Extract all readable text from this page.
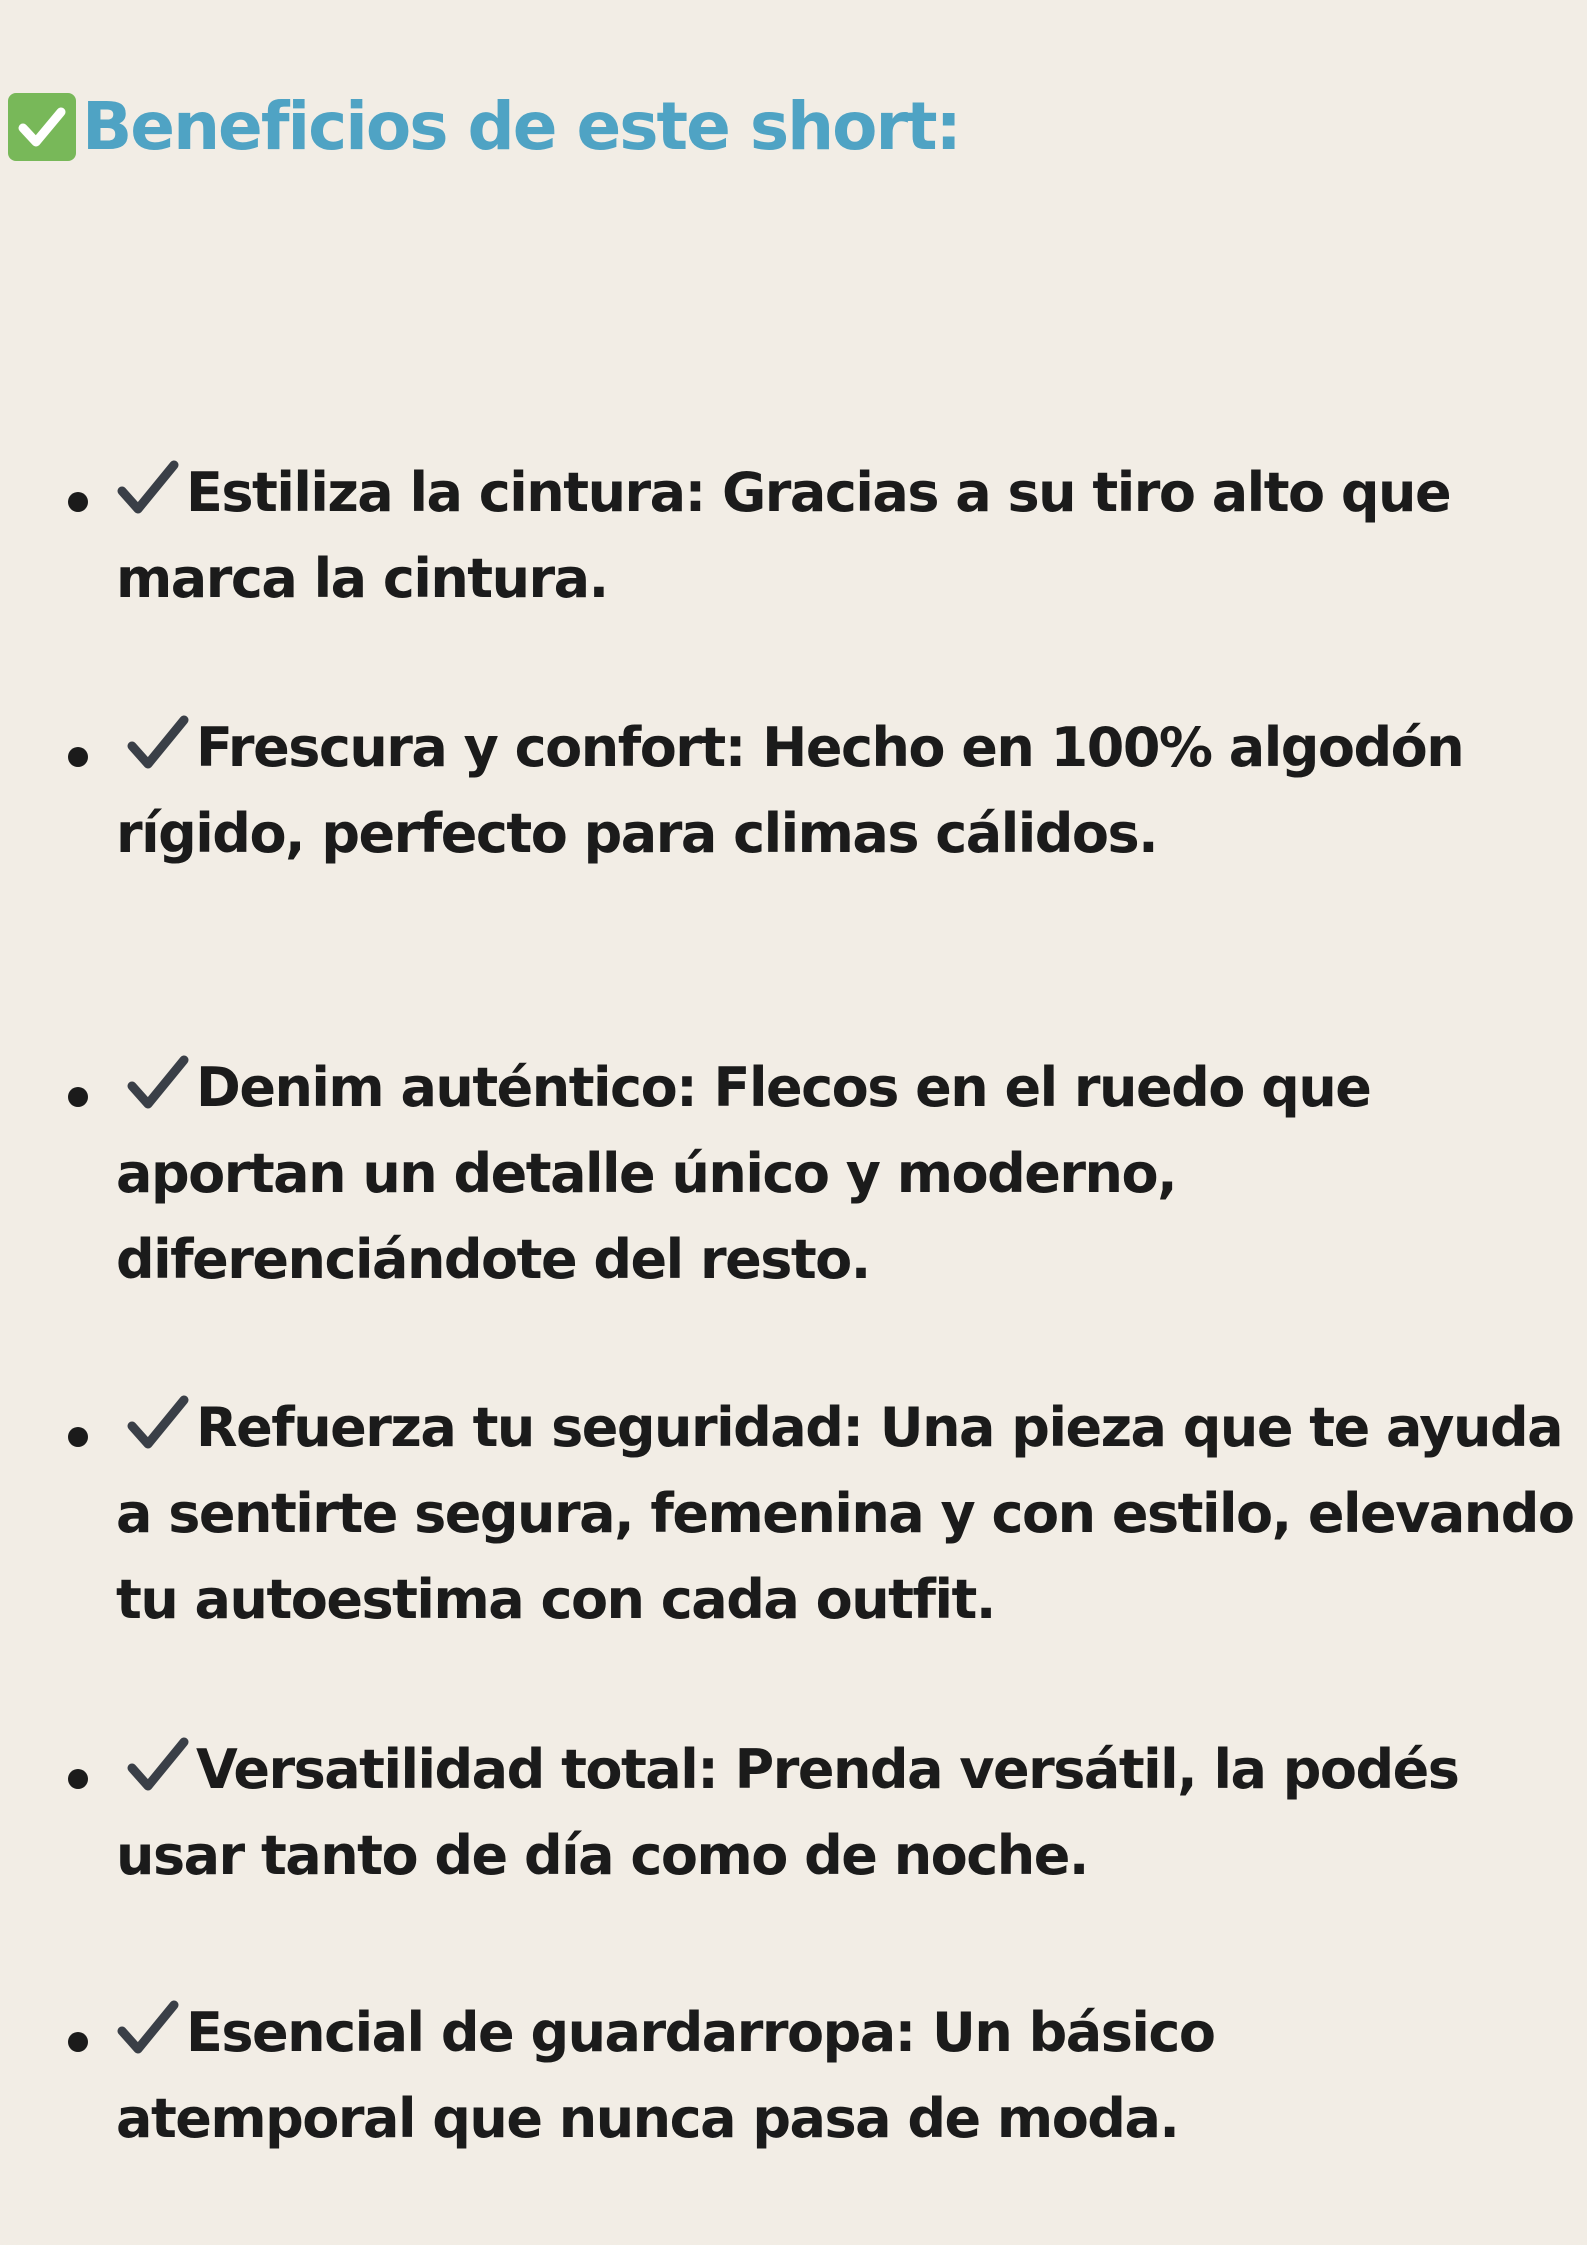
Beneficios de este short:
Estiliza la cintura: Gracias a su tiro alto que
marca la cintura.
Frescura y confort: Hecho en 100% algodón
rígido, perfecto para climas cálidos.
Denim auténtico: Flecos en el ruedo que
aportan un detalle único y moderno,
diferenciándote del resto.
Refuerza tu seguridad: Una pieza que te ayuda
a sentirte segura, femenina y con estilo, elevando
tu autoestima con cada outfit.
Versatilidad total: Prenda versátil, la podés
usar tanto de día como de noche.
Esencial de guardarropa: Un básico
atemporal que nunca pasa de moda.
